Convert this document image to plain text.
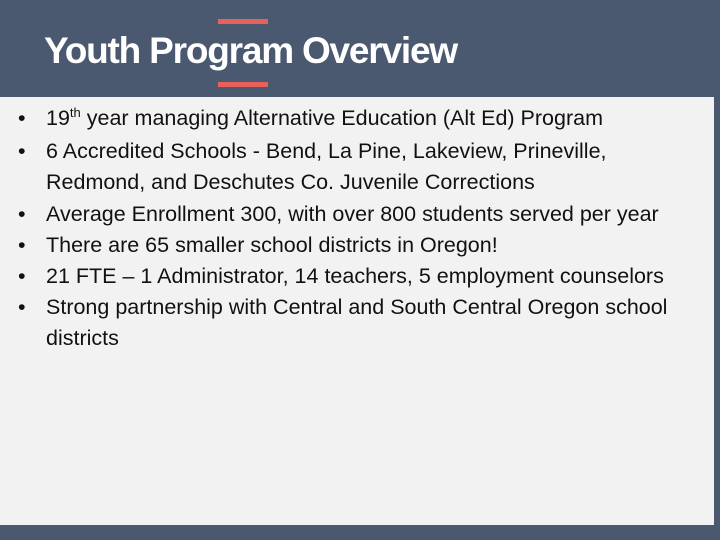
Youth Program Overview
• 19th year managing Alternative Education (Alt Ed) Program
• 6 Accredited Schools - Bend, La Pine, Lakeview, Prineville, Redmond, and Deschutes Co. Juvenile Corrections
• Average Enrollment 300, with over 800 students served per year
• There are 65 smaller school districts in Oregon!
• 21 FTE – 1 Administrator, 14 teachers, 5 employment counselors
• Strong partnership with Central and South Central Oregon school districts
